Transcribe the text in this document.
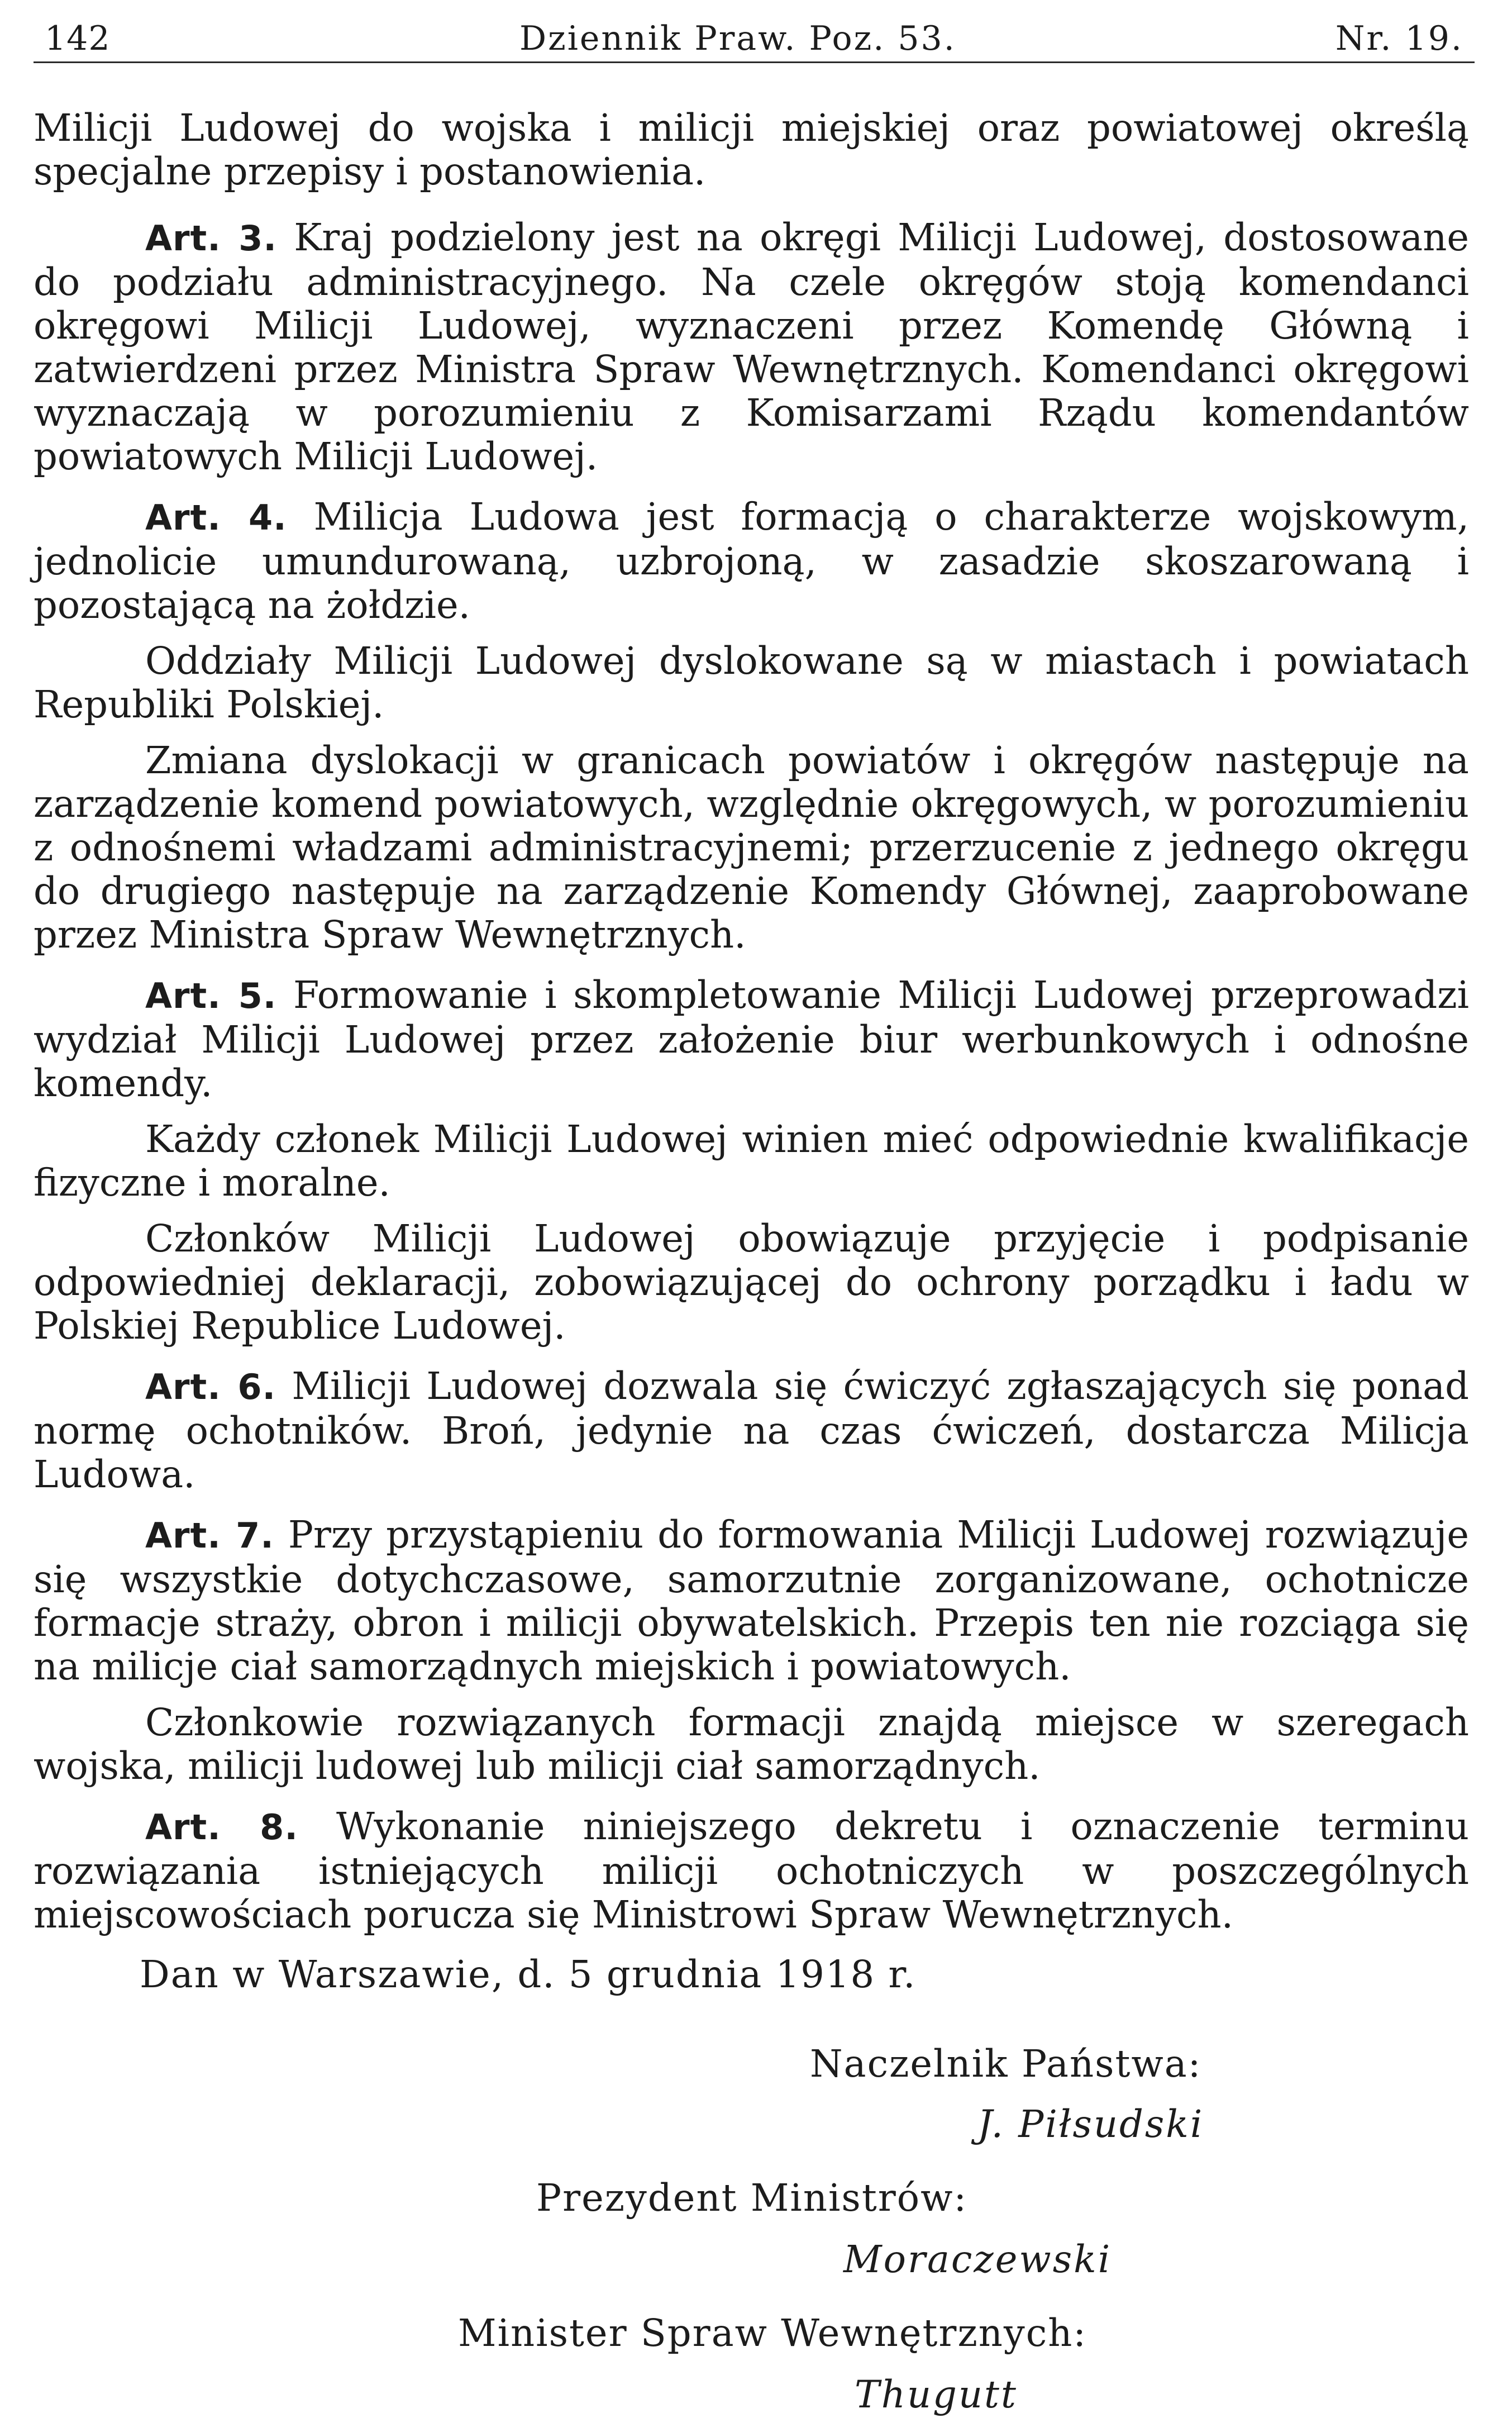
142	Dziennik Praw. Poz. 53.	Nr. 19.

Milicji Ludowej do wojska i milicji miejskiej oraz powiatowej określą specjalne przepisy i postanowienia.

Art. 3. Kraj podzielony jest na okręgi Milicji Ludowej, dostosowane do podziału administracyjnego. Na czele okręgów stoją komendanci okręgowi Milicji Ludowej, wyznaczeni przez Komendę Główną i zatwierdzeni przez Ministra Spraw Wewnętrznych. Komendanci okręgowi wyznaczają w porozumieniu z Komisarzami Rządu komendantów powiatowych Milicji Ludowej.

Art. 4. Milicja Ludowa jest formacją o charakterze wojskowym, jednolicie umundurowaną, uzbrojoną, w zasadzie skoszarowaną i pozostającą na żołdzie.

Oddziały Milicji Ludowej dyslokowane są w miastach i powiatach Republiki Polskiej.

Zmiana dyslokacji w granicach powiatów i okręgów następuje na zarządzenie komend powiatowych, względnie okręgowych, w porozumieniu z odnośnemi władzami administracyjnemi; przerzucenie z jednego okręgu do drugiego następuje na zarządzenie Komendy Głównej, zaaprobowane przez Ministra Spraw Wewnętrznych.

Art. 5. Formowanie i skompletowanie Milicji Ludowej przeprowadzi wydział Milicji Ludowej przez założenie biur werbunkowych i odnośne komendy.

Każdy członek Milicji Ludowej winien mieć odpowiednie kwalifikacje fizyczne i moralne.

Członków Milicji Ludowej obowiązuje przyjęcie i podpisanie odpowiedniej deklaracji, zobowiązującej do ochrony porządku i ładu w Polskiej Republice Ludowej.

Art. 6. Milicji Ludowej dozwala się ćwiczyć zgłaszających się ponad normę ochotników. Broń, jedynie na czas ćwiczeń, dostarcza Milicja Ludowa.

Art. 7. Przy przystąpieniu do formowania Milicji Ludowej rozwiązuje się wszystkie dotychczasowe, samorzutnie zorganizowane, ochotnicze formacje straży, obron i milicji obywatelskich. Przepis ten nie rozciąga się na milicje ciał samorządnych miejskich i powiatowych.

Członkowie rozwiązanych formacji znajdą miejsce w szeregach wojska, milicji ludowej lub milicji ciał samorządnych.

Art. 8. Wykonanie niniejszego dekretu i oznaczenie terminu rozwiązania istniejących milicji ochotniczych w poszczególnych miejscowościach porucza się Ministrowi Spraw Wewnętrznych.

Dan w Warszawie, d. 5 grudnia 1918 r.
Naczelnik Państwa:
J. Piłsudski
Prezydent Ministrów:
Moraczewski
Minister Spraw Wewnętrznych:
Thugutt
